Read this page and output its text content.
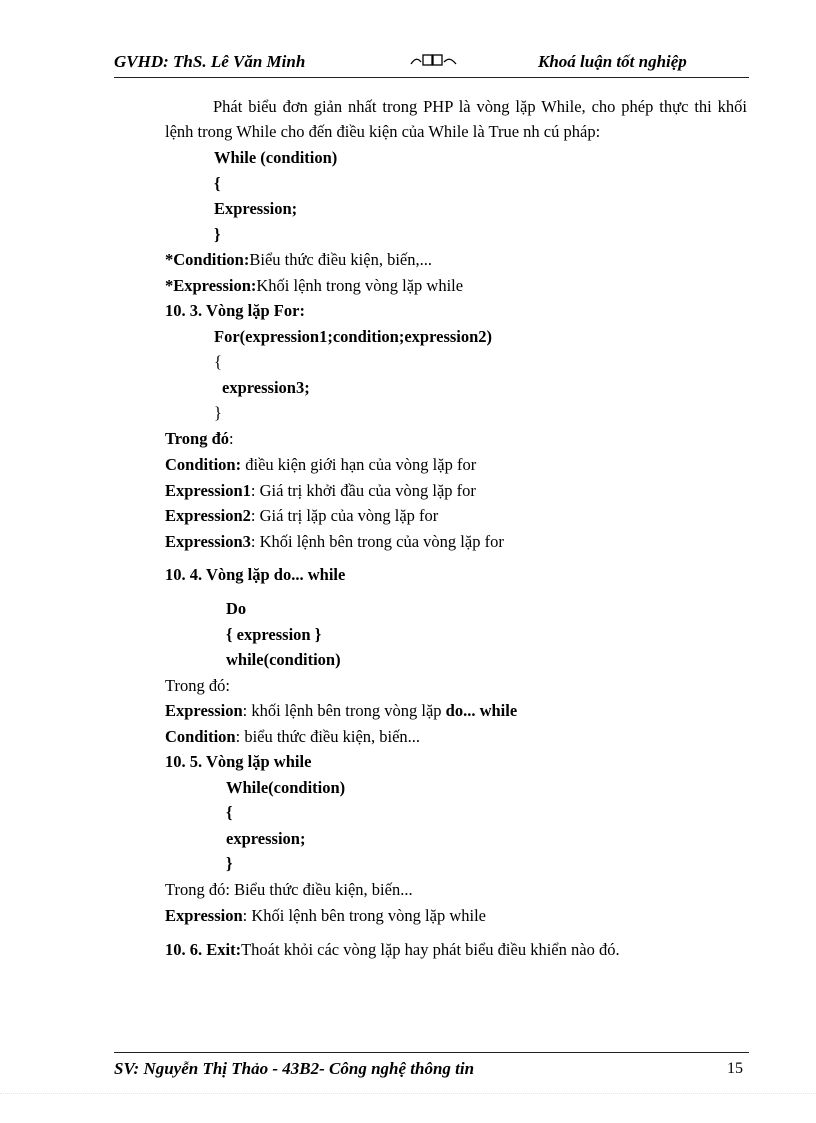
GVHD: ThS. Lê Văn Minh	Khoá luận tốt nghiệp
Phát biểu đơn giản nhất trong PHP là vòng lặp While, cho phép thực thi khối lệnh trong While cho đến điều kiện của While là True nh cú pháp:
While (condition)
{
Expression;
}
*Condition:Biểu thức điều kiện, biến,...
*Expression:Khối lệnh trong vòng lặp while
10. 3. Vòng lặp For:
For(expression1;condition;expression2)
{
expression3;
}
Trong đó:
Condition: điều kiện giới hạn của vòng lặp for
Expression1: Giá trị khởi đầu của vòng lặp for
Expression2: Giá trị lặp của vòng lặp for
Expression3: Khối lệnh bên trong của vòng lặp for
10. 4. Vòng lặp do... while
Do
{ expression }
while(condition)
Trong đó:
Expression: khối lệnh bên trong vòng lặp do... while
Condition: biểu thức điều kiện, biến...
10. 5. Vòng lặp while
While(condition)
{
expression;
}
Trong đó: Biểu thức điều kiện, biến...
Expression: Khối lệnh bên trong vòng lặp while
10. 6. Exit:Thoát khỏi các vòng lặp hay phát biểu điều khiển nào đó.
SV: Nguyễn Thị Thảo - 43B2- Công nghệ thông tin	15
